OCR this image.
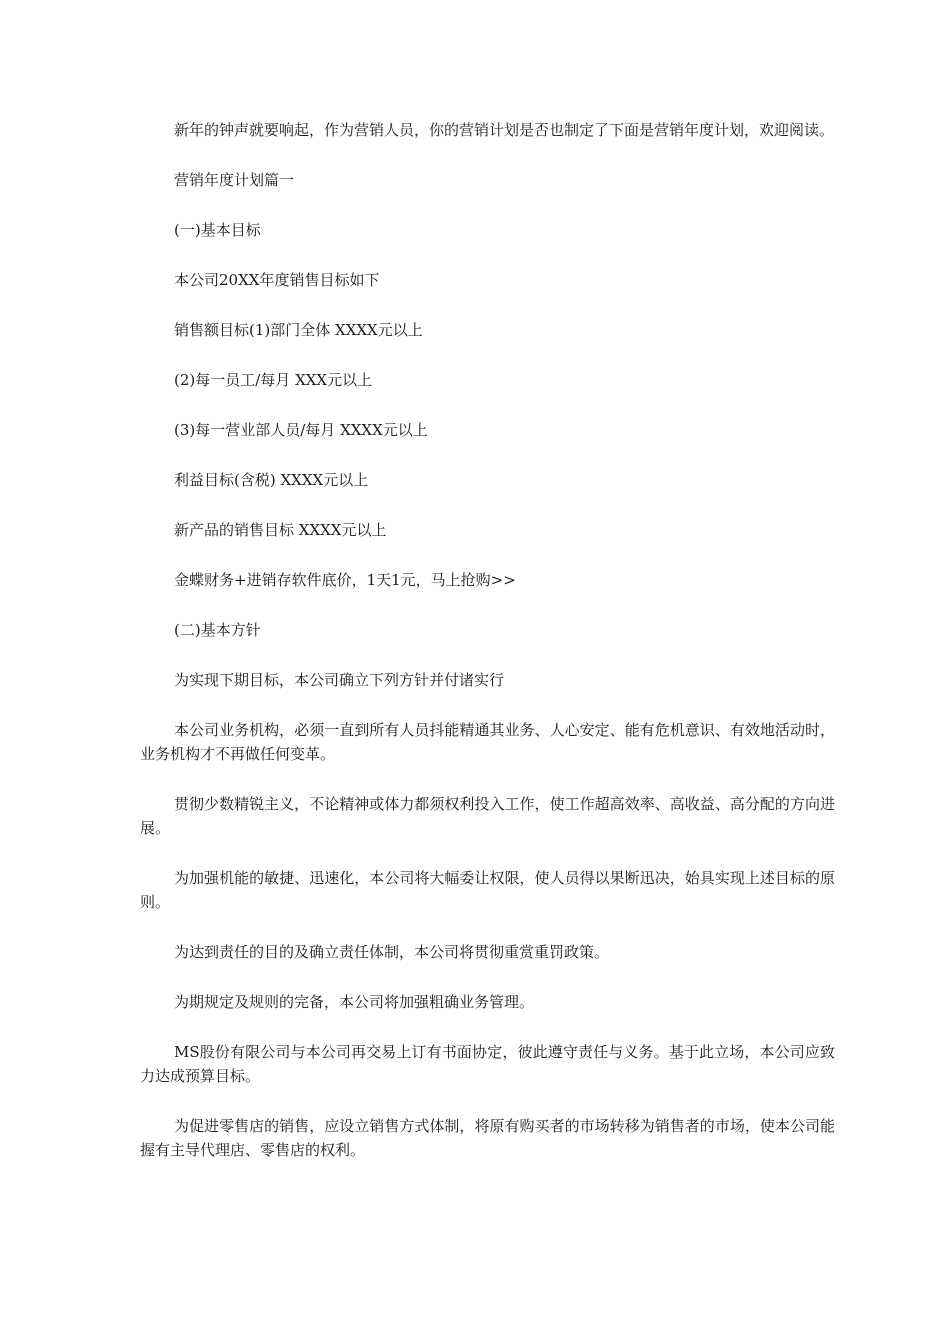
新年的钟声就要响起，作为营销人员，你的营销计划是否也制定了下面是营销年度计划，欢迎阅读。

营销年度计划篇一

(一)基本目标

本公司20XX年度销售目标如下

销售额目标(1)部门全体 XXXX元以上

(2)每一员工/每月 XXX元以上

(3)每一营业部人员/每月 XXXX元以上

利益目标(含税) XXXX元以上

新产品的销售目标 XXXX元以上

金蝶财务+进销存软件底价，1天1元，马上抢购>>

(二)基本方针

为实现下期目标，本公司确立下列方针并付诸实行

本公司业务机构，必须一直到所有人员抖能精通其业务、人心安定、能有危机意识、有效地活动时，业务机构才不再做任何变革。

贯彻少数精锐主义，不论精神或体力都须权利投入工作，使工作超高效率、高收益、高分配的方向进展。

为加强机能的敏捷、迅速化，本公司将大幅委让权限，使人员得以果断迅决，始具实现上述目标的原则。

为达到责任的目的及确立责任体制，本公司将贯彻重赏重罚政策。

为期规定及规则的完备，本公司将加强粗确业务管理。

MS股份有限公司与本公司再交易上订有书面协定，彼此遵守责任与义务。基于此立场，本公司应致力达成预算目标。

为促进零售店的销售，应设立销售方式体制，将原有购买者的市场转移为销售者的市场，使本公司能握有主导代理店、零售店的权利。
